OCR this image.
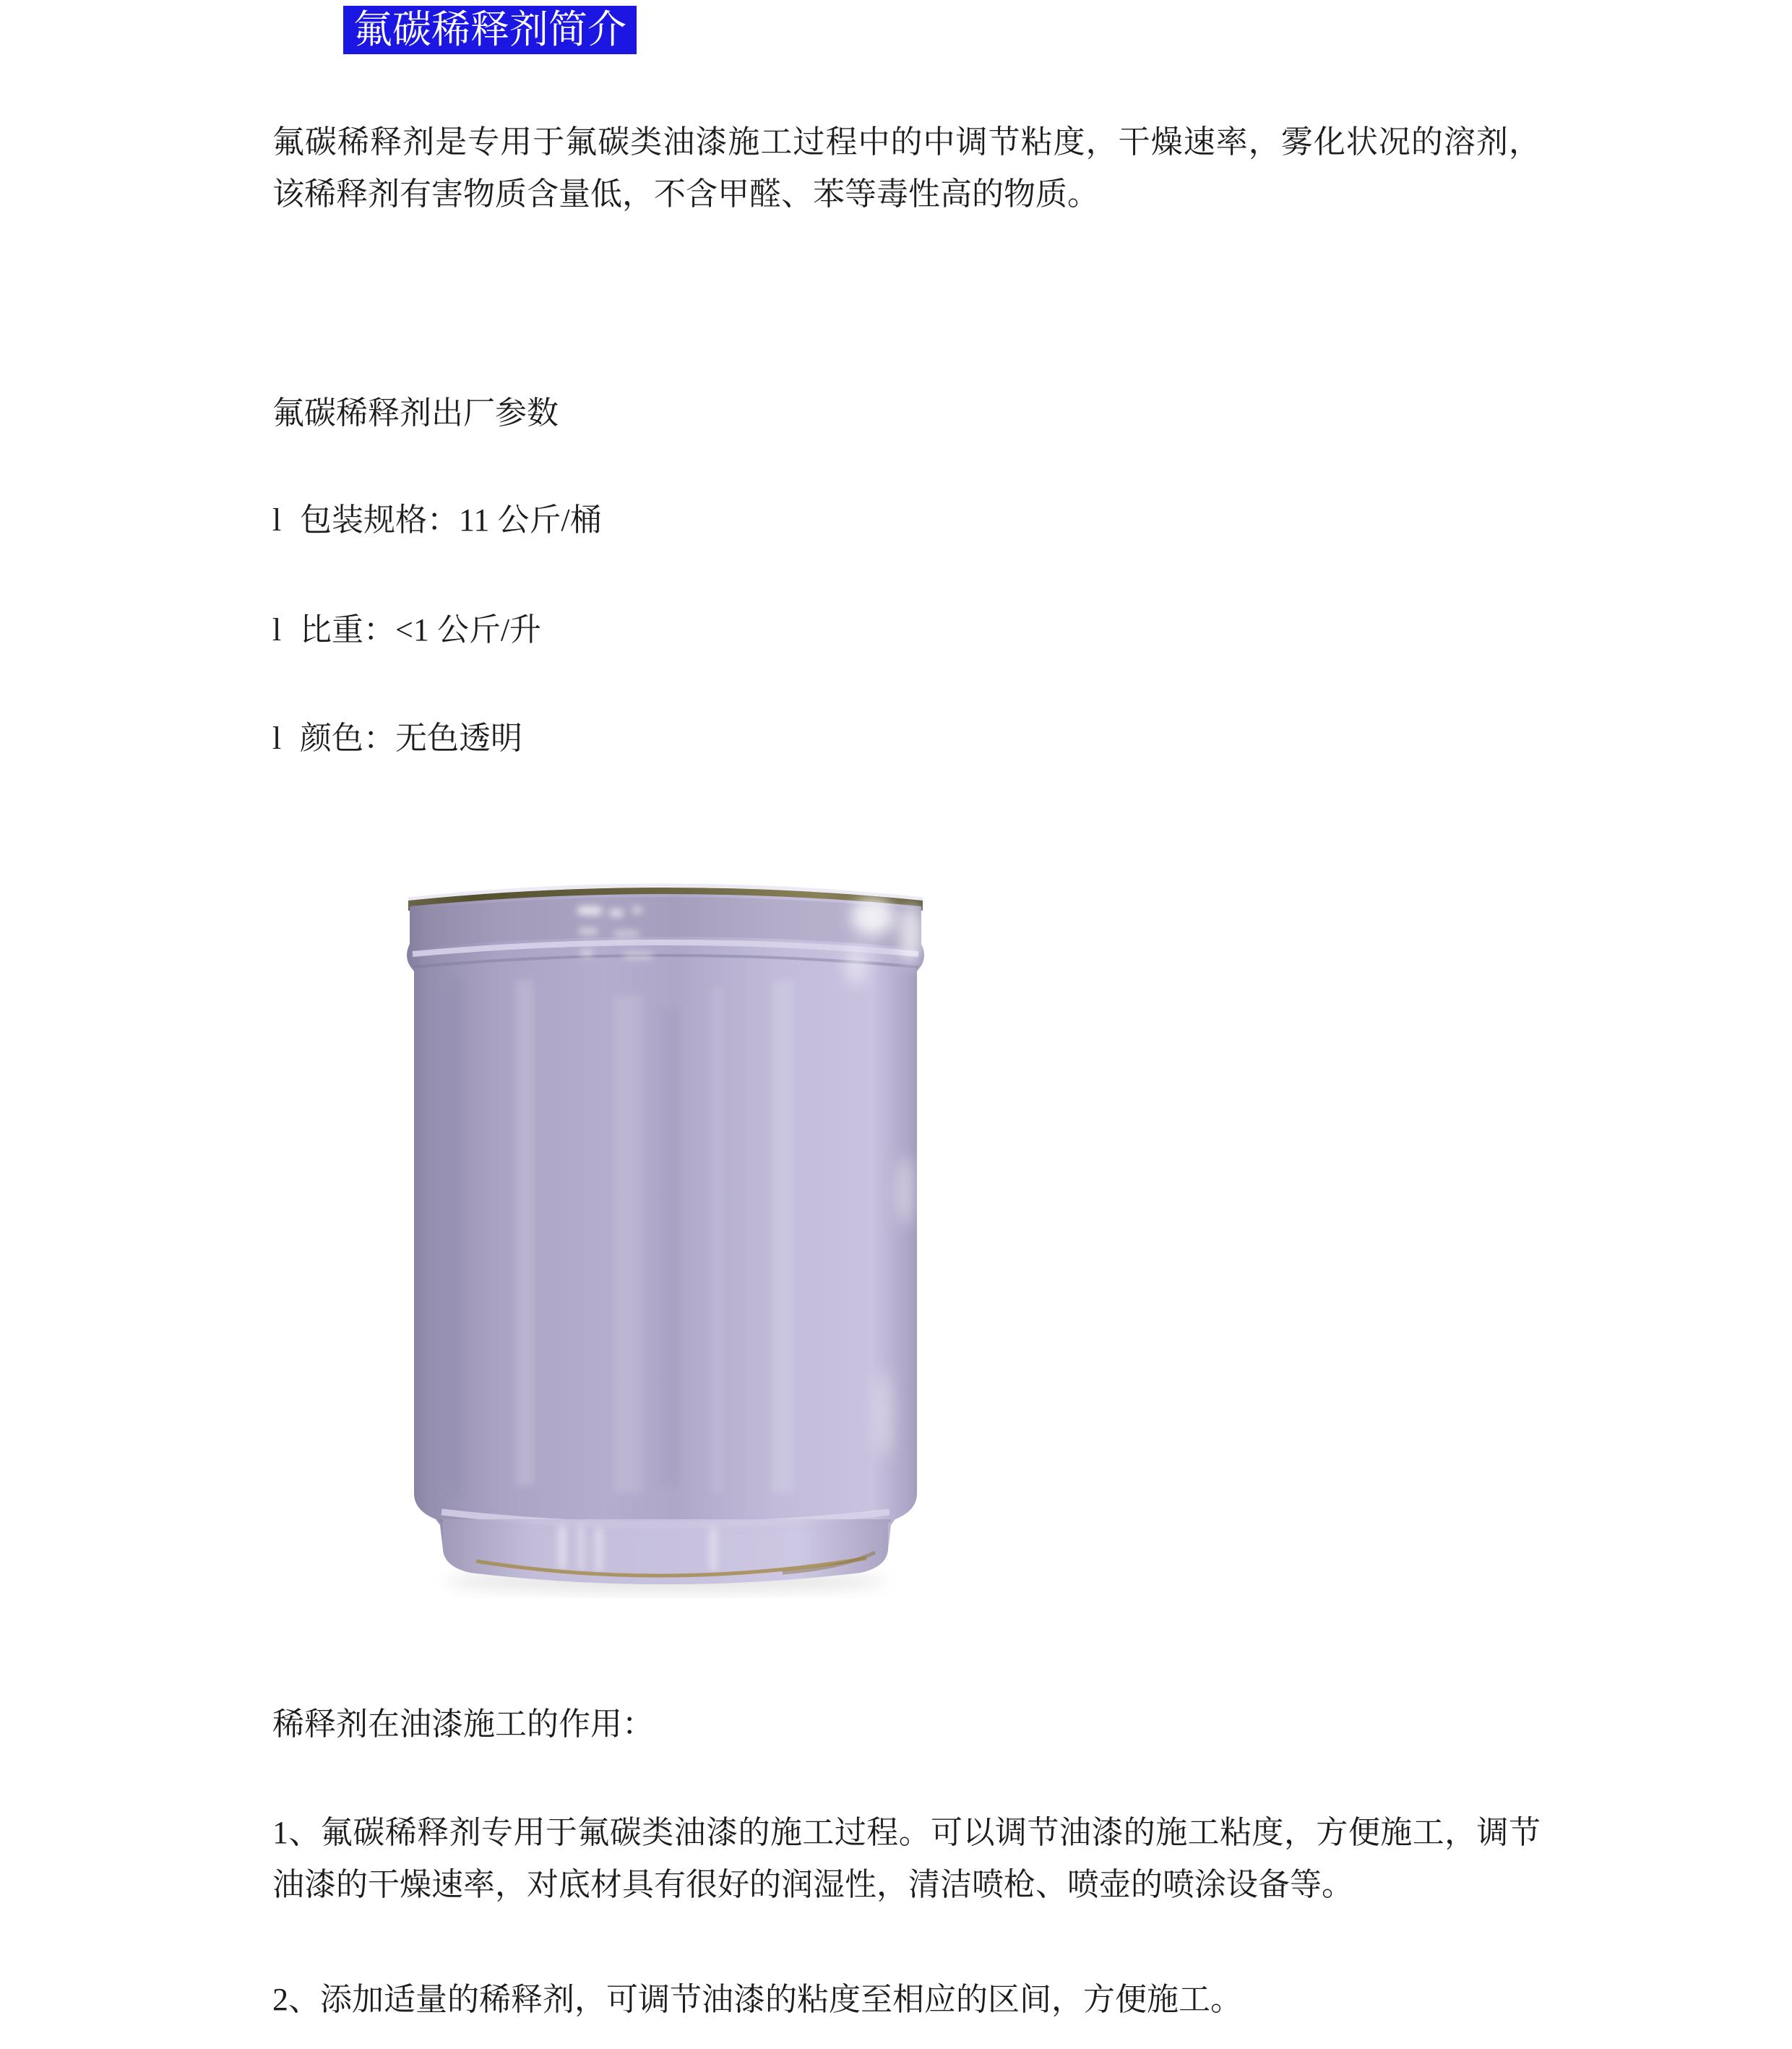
氟碳稀释剂简介
氟碳稀释剂是专用于氟碳类油漆施工过程中的中调节粘度，干燥速率，雾化状况的溶剂，该稀释剂有害物质含量低，不含甲醛、苯等毒性高的物质。
氟碳稀释剂出厂参数
l 包装规格：11 公斤/桶
l 比重：<1 公斤/升
l 颜色：无色透明
稀释剂在油漆施工的作用：
1、氟碳稀释剂专用于氟碳类油漆的施工过程。可以调节油漆的施工粘度，方便施工，调节油漆的干燥速率，对底材具有很好的润湿性，清洁喷枪、喷壶的喷涂设备等。
2、添加适量的稀释剂，可调节油漆的粘度至相应的区间，方便施工。
